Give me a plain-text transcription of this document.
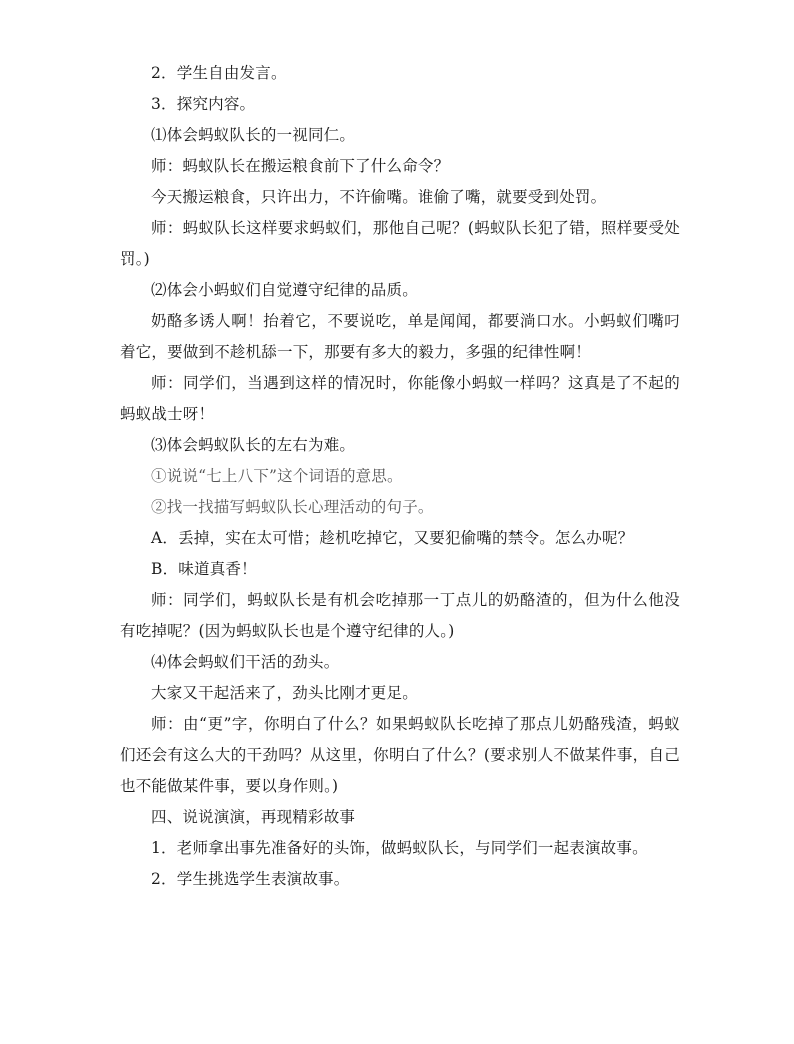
2．学生自由发言。

3．探究内容。

⑴体会蚂蚁队长的一视同仁。

师：蚂蚁队长在搬运粮食前下了什么命令？

今天搬运粮食，只许出力，不许偷嘴。谁偷了嘴，就要受到处罚。

师：蚂蚁队长这样要求蚂蚁们，那他自己呢？(蚂蚁队长犯了错，照样要受处罚。)

⑵体会小蚂蚁们自觉遵守纪律的品质。

奶酪多诱人啊！抬着它，不要说吃，单是闻闻，都要淌口水。小蚂蚁们嘴叼着它，要做到不趁机舔一下，那要有多大的毅力，多强的纪律性啊！

师：同学们，当遇到这样的情况时，你能像小蚂蚁一样吗？这真是了不起的蚂蚁战士呀！

⑶体会蚂蚁队长的左右为难。

①说说“七上八下”这个词语的意思。

②找一找描写蚂蚁队长心理活动的句子。

A．丢掉，实在太可惜；趁机吃掉它，又要犯偷嘴的禁令。怎么办呢？

B．味道真香！

师：同学们，蚂蚁队长是有机会吃掉那一丁点儿的奶酪渣的，但为什么他没有吃掉呢？(因为蚂蚁队长也是个遵守纪律的人。)

⑷体会蚂蚁们干活的劲头。

大家又干起活来了，劲头比刚才更足。

师：由“更”字，你明白了什么？如果蚂蚁队长吃掉了那点儿奶酪残渣，蚂蚁们还会有这么大的干劲吗？从这里，你明白了什么？(要求别人不做某件事，自己也不能做某件事，要以身作则。)

四、说说演演，再现精彩故事

1．老师拿出事先准备好的头饰，做蚂蚁队长，与同学们一起表演故事。

2．学生挑选学生表演故事。
